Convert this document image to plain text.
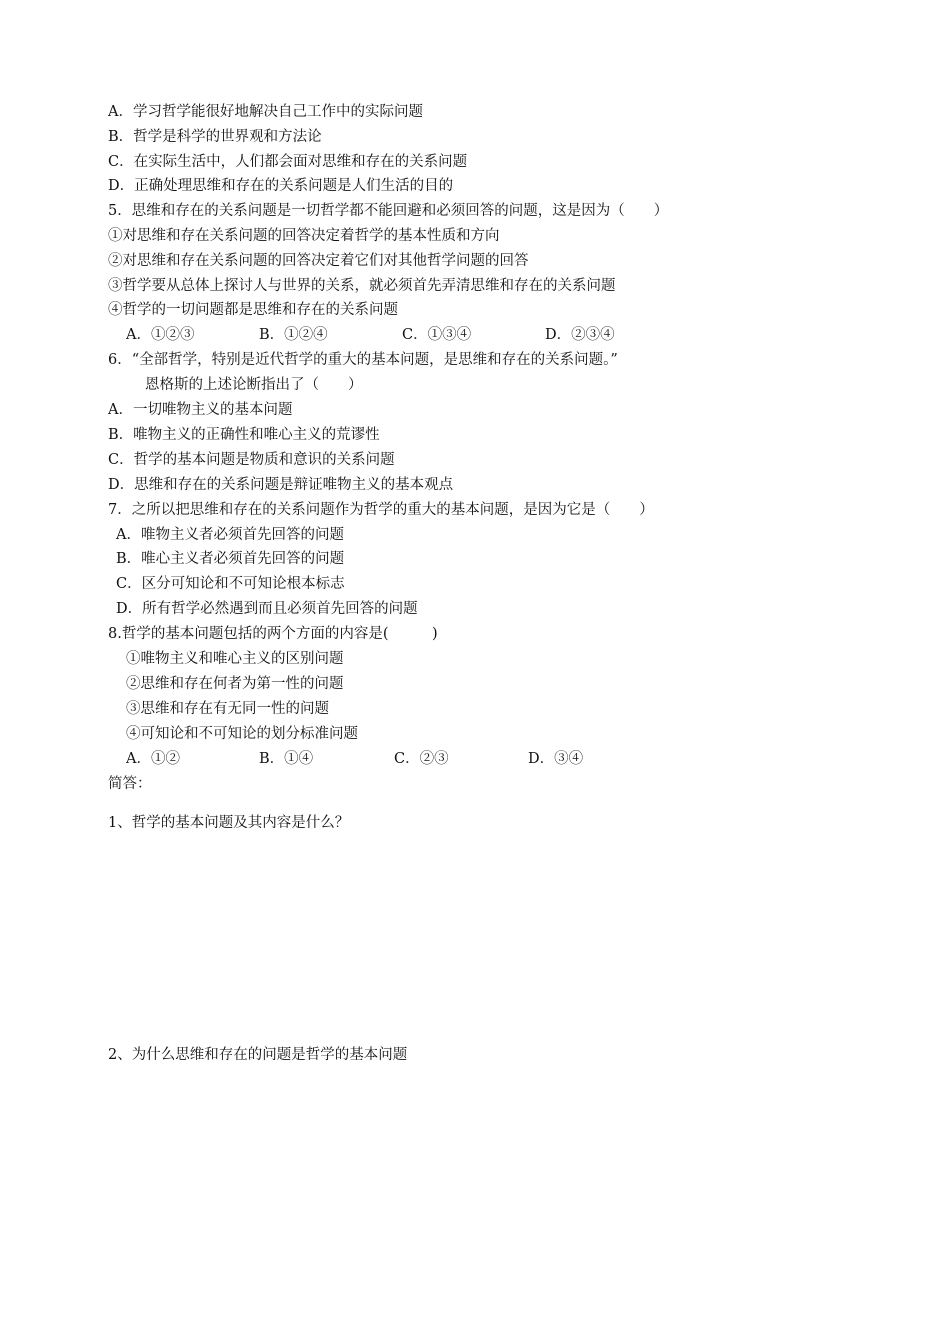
A．学习哲学能很好地解决自己工作中的实际问题
B．哲学是科学的世界观和方法论
C．在实际生活中，人们都会面对思维和存在的关系问题
D．正确处理思维和存在的关系问题是人们生活的目的
5．思维和存在的关系问题是一切哲学都不能回避和必须回答的问题，这是因为（　　）
①对思维和存在关系问题的回答决定着哲学的基本性质和方向
②对思维和存在关系问题的回答决定着它们对其他哲学问题的回答
③哲学要从总体上探讨人与世界的关系，就必须首先弄清思维和存在的关系问题
④哲学的一切问题都是思维和存在的关系问题
A．①②③	B．①②④	C．①③④	D．②③④
6．“全部哲学，特别是近代哲学的重大的基本问题，是思维和存在的关系问题。”
恩格斯的上述论断指出了（　　）
A．一切唯物主义的基本问题
B．唯物主义的正确性和唯心主义的荒谬性
C．哲学的基本问题是物质和意识的关系问题
D．思维和存在的关系问题是辩证唯物主义的基本观点
7．之所以把思维和存在的关系问题作为哲学的重大的基本问题，是因为它是（　　）
A．唯物主义者必须首先回答的问题
B．唯心主义者必须首先回答的问题
C．区分可知论和不可知论根本标志
D．所有哲学必然遇到而且必须首先回答的问题
8.哲学的基本问题包括的两个方面的内容是(　　　)
①唯物主义和唯心主义的区别问题
②思维和存在何者为第一性的问题
③思维和存在有无同一性的问题
④可知论和不可知论的划分标准问题
A．①②	B．①④	C．②③	D．③④
简答：
1、哲学的基本问题及其内容是什么？
2、为什么思维和存在的问题是哲学的基本问题
